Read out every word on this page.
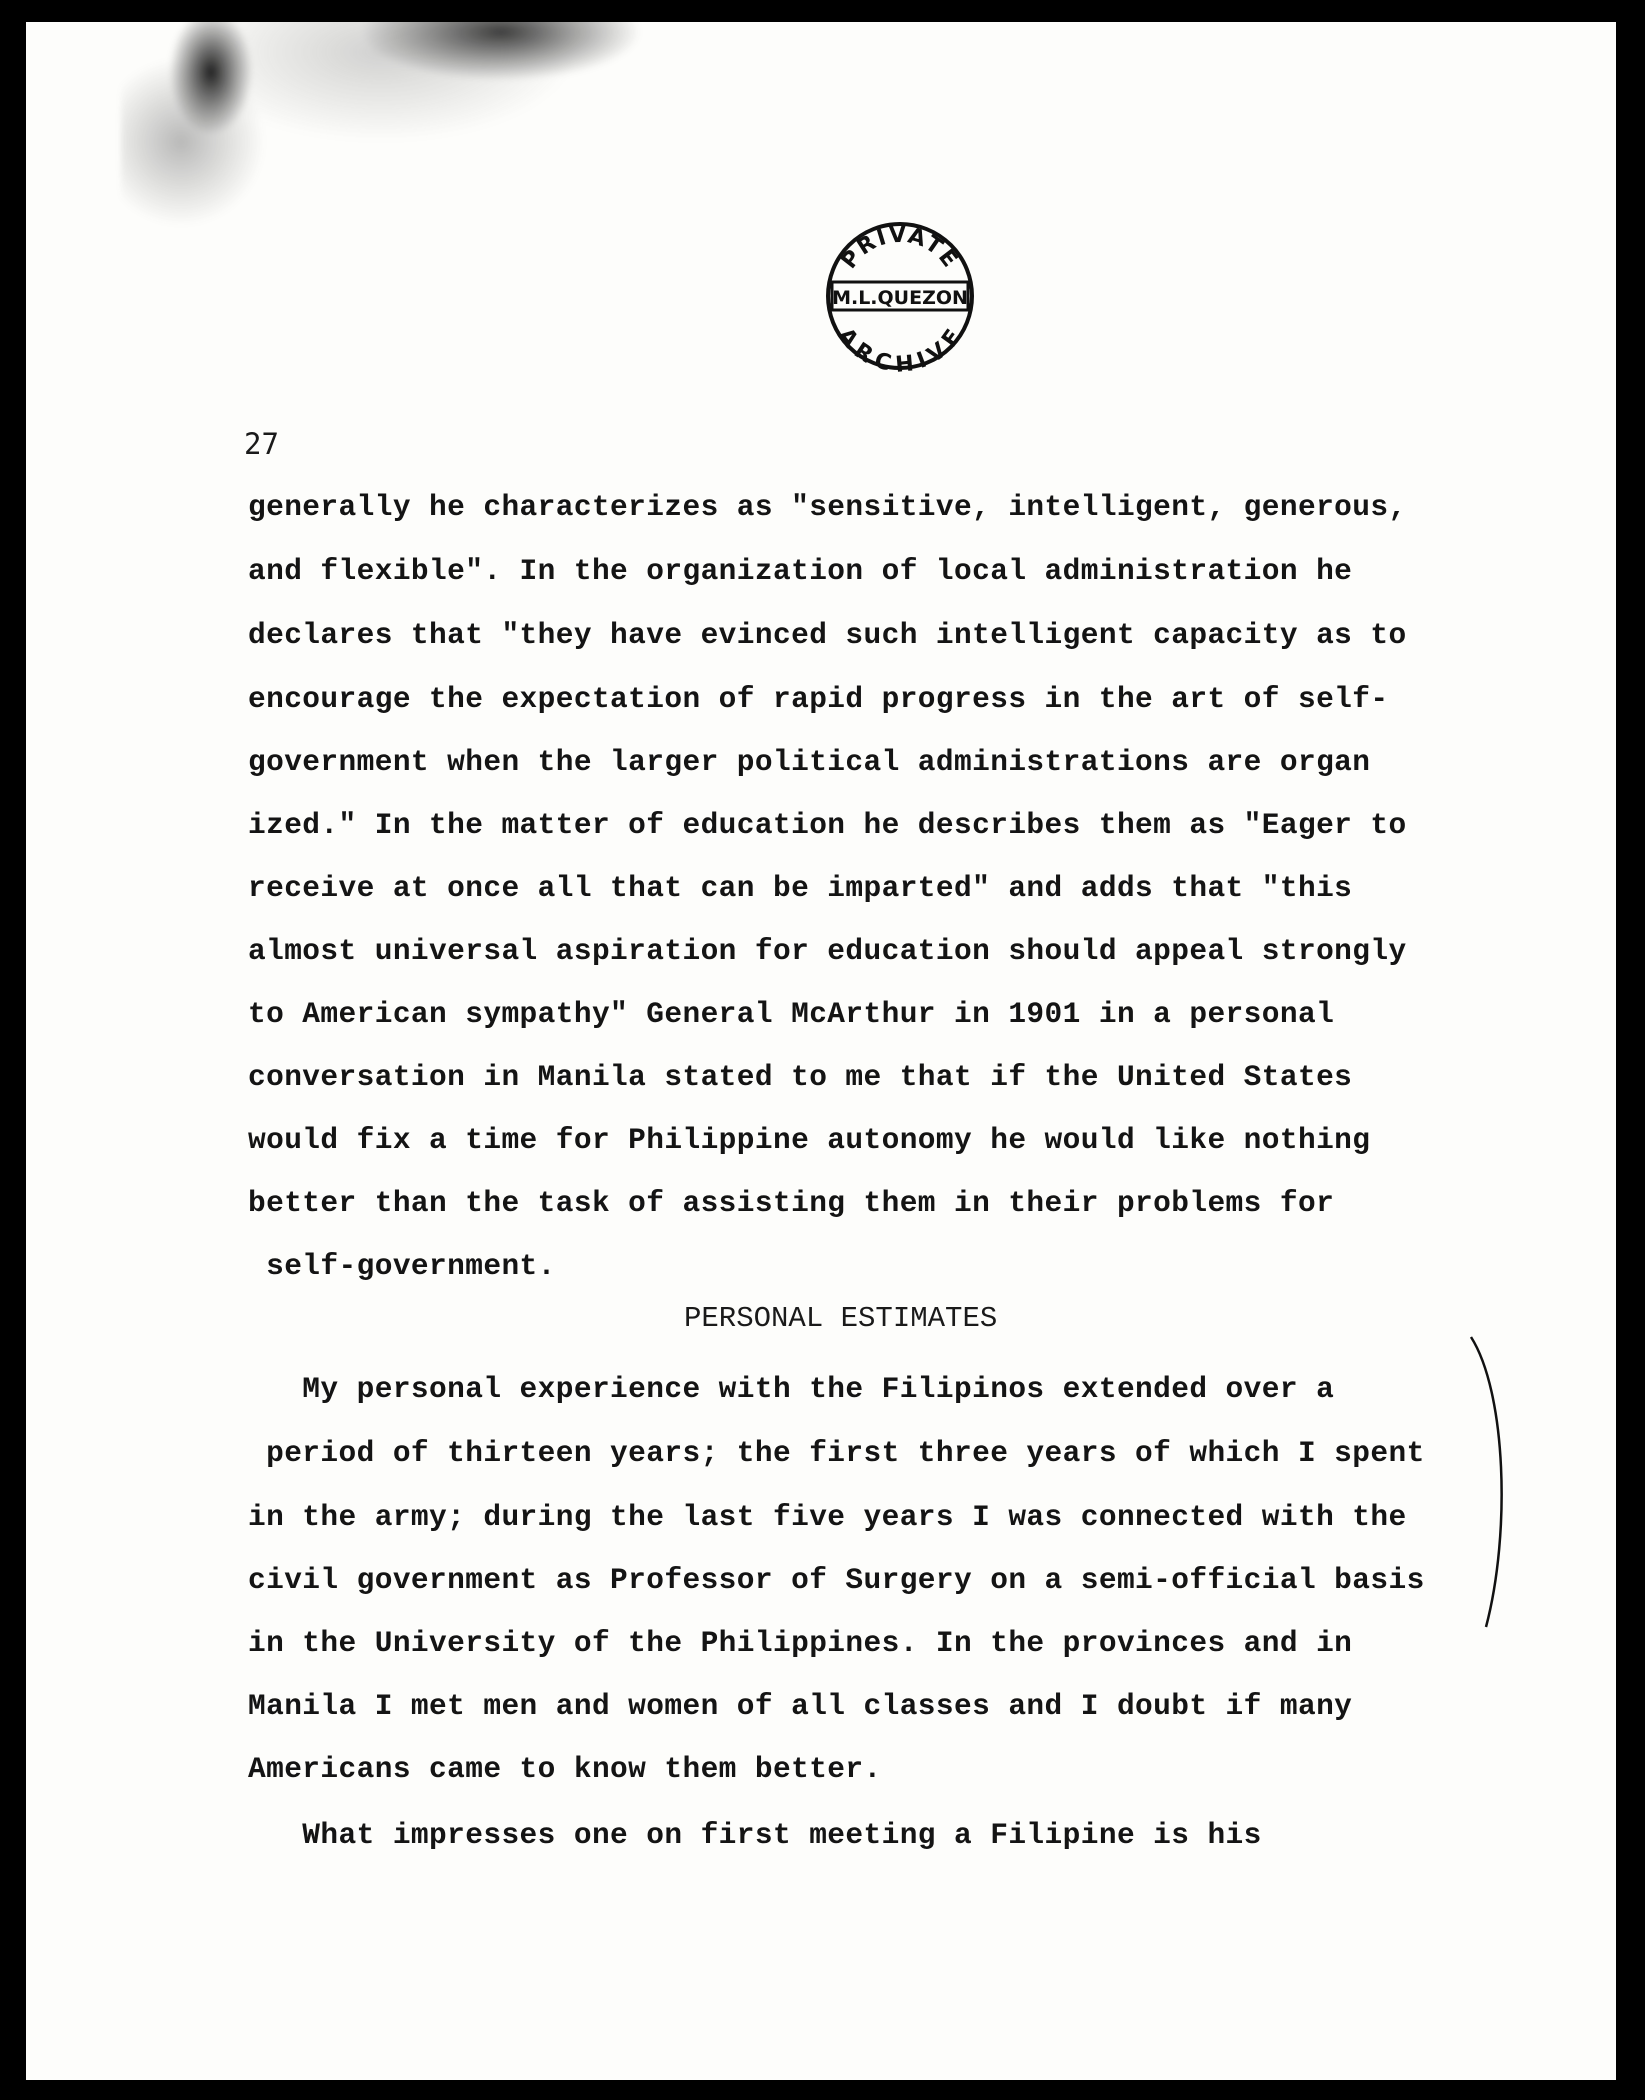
PRIVATE
M.L.QUEZON
ARCHIVE
27
generally he characterizes as "sensitive, intelligent, generous,
and flexible". In the organization of local administration he
declares that "they have evinced such intelligent capacity as to
encourage the expectation of rapid progress in the art of self-
government when the larger political administrations are organ
ized." In the matter of education he describes them as "Eager to
receive at once all that can be imparted" and adds that "this
almost universal aspiration for education should appeal strongly
to American sympathy" General McArthur in 1901 in a personal
conversation in Manila stated to me that if the United States
would fix a time for Philippine autonomy he would like nothing
better than the task of assisting them in their problems for
self-government.
PERSONAL ESTIMATES
My personal experience with the Filipinos extended over a
period of thirteen years; the first three years of which I spent
in the army; during the last five years I was connected with the
civil government as Professor of Surgery on a semi-official basis
in the University of the Philippines. In the provinces and in
Manila I met men and women of all classes and I doubt if many
Americans came to know them better.
What impresses one on first meeting a Filipine is his
